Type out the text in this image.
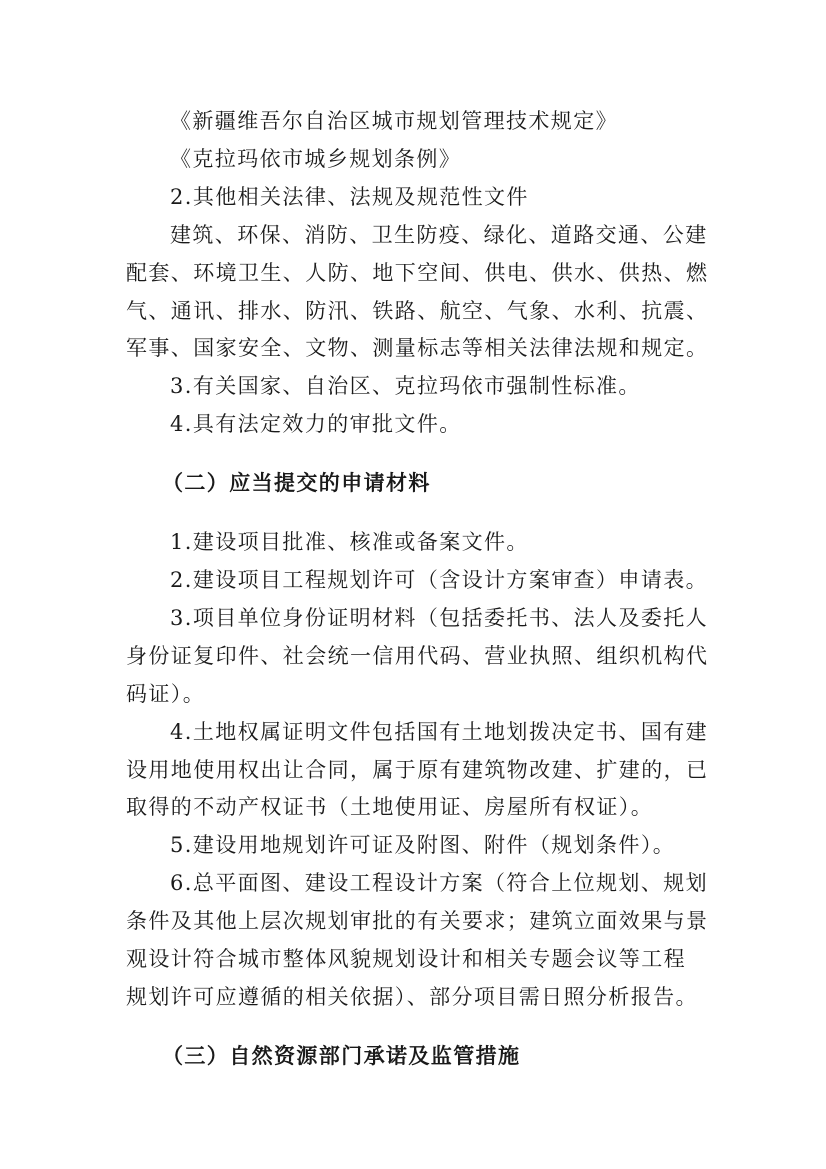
《新疆维吾尔自治区城市规划管理技术规定》

《克拉玛依市城乡规划条例》

2.其他相关法律、法规及规范性文件

建筑、环保、消防、卫生防疫、绿化、道路交通、公建

配套、环境卫生、人防、地下空间、供电、供水、供热、燃

气、通讯、排水、防汛、铁路、航空、气象、水利、抗震、

军事、国家安全、文物、测量标志等相关法律法规和规定。

3.有关国家、自治区、克拉玛依市强制性标准。

4.具有法定效力的审批文件。

（二）应当提交的申请材料

1.建设项目批准、核准或备案文件。

2.建设项目工程规划许可（含设计方案审查）申请表。

3.项目单位身份证明材料（包括委托书、法人及委托人

身份证复印件、社会统一信用代码、营业执照、组织机构代

码证）。

4.土地权属证明文件包括国有土地划拨决定书、国有建

设用地使用权出让合同，属于原有建筑物改建、扩建的，已

取得的不动产权证书（土地使用证、房屋所有权证）。

5.建设用地规划许可证及附图、附件（规划条件）。

6.总平面图、建设工程设计方案（符合上位规划、规划

条件及其他上层次规划审批的有关要求；建筑立面效果与景

观设计符合城市整体风貌规划设计和相关专题会议等工程

规划许可应遵循的相关依据）、部分项目需日照分析报告。

（三）自然资源部门承诺及监管措施
